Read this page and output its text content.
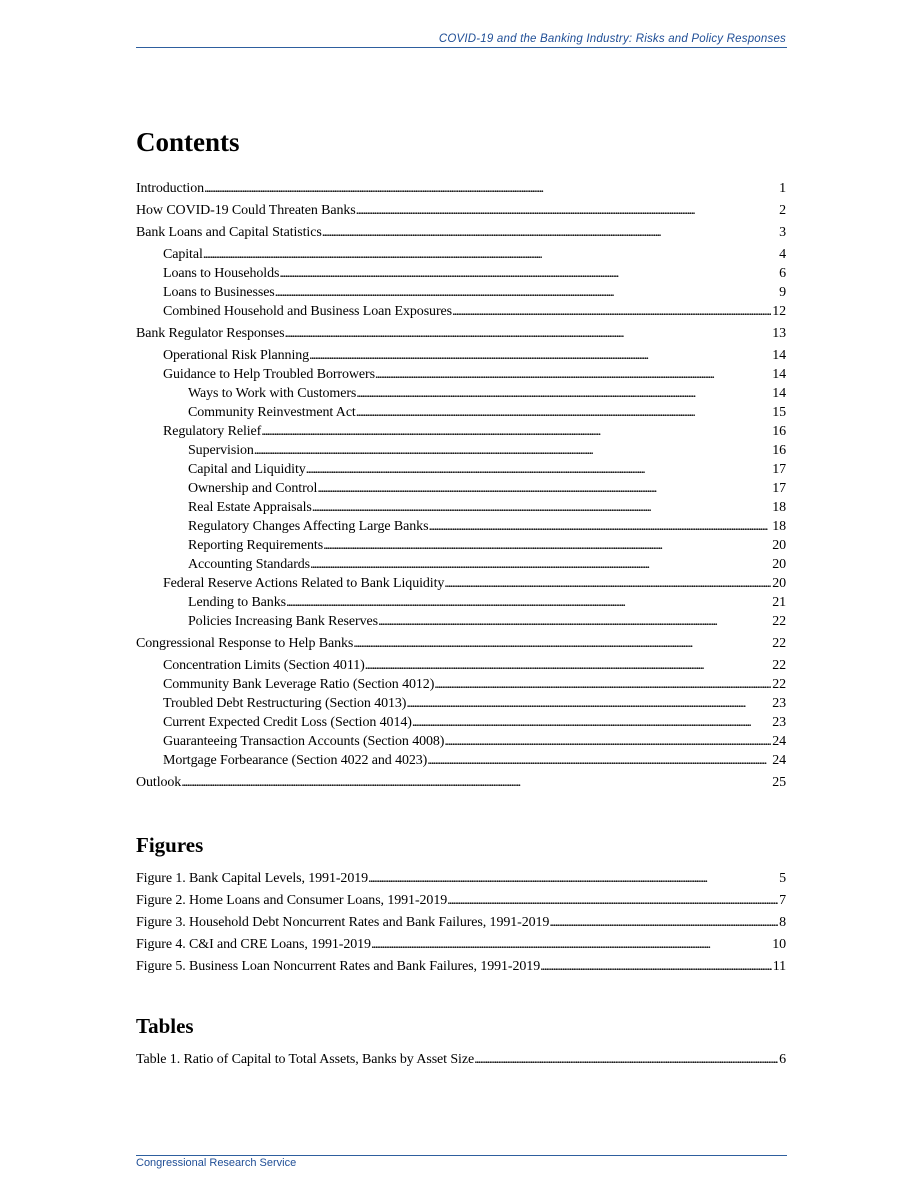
COVID-19 and the Banking Industry: Risks and Policy Responses
Contents
Introduction . . .	1
How COVID-19 Could Threaten Banks . . .	2
Bank Loans and Capital Statistics . . .	3
Capital . . .	4
Loans to Households . . .	6
Loans to Businesses . . .	9
Combined Household and Business Loan Exposures . . .	12
Bank Regulator Responses . . .	13
Operational Risk Planning . . .	14
Guidance to Help Troubled Borrowers . . .	14
Ways to Work with Customers . . .	14
Community Reinvestment Act . . .	15
Regulatory Relief . . .	16
Supervision . . .	16
Capital and Liquidity . . .	17
Ownership and Control . . .	17
Real Estate Appraisals . . .	18
Regulatory Changes Affecting Large Banks . . .	18
Reporting Requirements . . .	20
Accounting Standards . . .	20
Federal Reserve Actions Related to Bank Liquidity . . .	20
Lending to Banks . . .	21
Policies Increasing Bank Reserves . . .	22
Congressional Response to Help Banks . . .	22
Concentration Limits (Section 4011) . . .	22
Community Bank Leverage Ratio (Section 4012) . . .	22
Troubled Debt Restructuring (Section 4013) . . .	23
Current Expected Credit Loss (Section 4014) . . .	23
Guaranteeing Transaction Accounts (Section 4008) . . .	24
Mortgage Forbearance (Section 4022 and 4023) . . .	24
Outlook . . .	25
Figures
Figure 1. Bank Capital Levels, 1991-2019 . . .	5
Figure 2. Home Loans and Consumer Loans, 1991-2019 . . .	7
Figure 3. Household Debt Noncurrent Rates and Bank Failures, 1991-2019 . . .	8
Figure 4. C&I and CRE Loans, 1991-2019 . . .	10
Figure 5. Business Loan Noncurrent Rates and Bank Failures, 1991-2019 . . .	11
Tables
Table 1. Ratio of Capital to Total Assets, Banks by Asset Size . . .	6
Congressional Research Service
